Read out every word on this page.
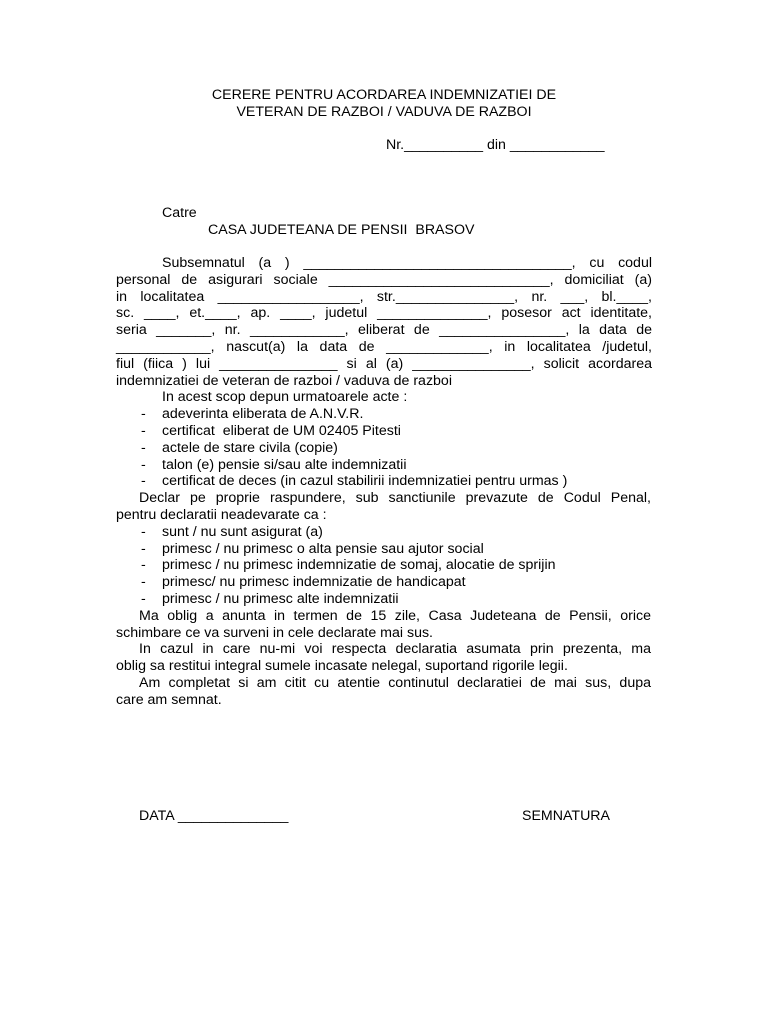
CERERE PENTRU ACORDAREA INDEMNIZATIEI DE
VETERAN DE RAZBOI / VADUVA DE RAZBOI
Nr.__________ din ____________
Catre
CASA JUDETEANA DE PENSII  BRASOV
Subsemnatul (a ) __________________________________, cu codul
personal de asigurari sociale ____________________________, domiciliat (a)
in localitatea __________________, str._______________, nr. ___, bl.____,
sc. ____, et.____, ap. ____, judetul ______________, posesor act identitate,
seria _______, nr. ____________, eliberat de ________________, la data de
____________, nascut(a) la data de _____________, in localitatea /judetul,
fiul (fiica ) lui _______________ si al (a) _______________, solicit acordarea
indemnizatiei de veteran de razboi / vaduva de razboi
In acest scop depun urmatoarele acte :
- adeverinta eliberata de A.N.V.R.
- certificat  eliberat de UM 02405 Pitesti
- actele de stare civila (copie)
- talon (e) pensie si/sau alte indemnizatii
- certificat de deces (in cazul stabilirii indemnizatiei pentru urmas )
Declar pe proprie raspundere, sub sanctiunile prevazute de Codul Penal,
pentru declaratii neadevarate ca :
- sunt / nu sunt asigurat (a)
- primesc / nu primesc o alta pensie sau ajutor social
- primesc / nu primesc indemnizatie de somaj, alocatie de sprijin
- primesc/ nu primesc indemnizatie de handicapat
- primesc / nu primesc alte indemnizatii
Ma oblig a anunta in termen de 15 zile, Casa Judeteana de Pensii, orice
schimbare ce va surveni in cele declarate mai sus.
In cazul in care nu-mi voi respecta declaratia asumata prin prezenta, ma
oblig sa restitui integral sumele incasate nelegal, suportand rigorile legii.
Am completat si am citit cu atentie continutul declaratiei de mai sus, dupa
care am semnat.
DATA ______________	SEMNATURA
